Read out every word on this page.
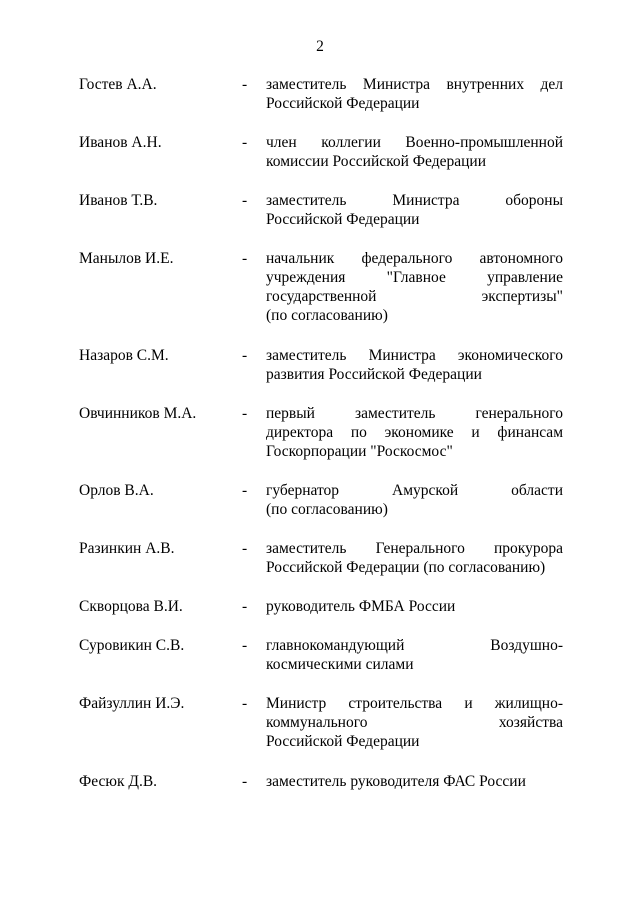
2
Гостев А.А.	-	заместитель Министра внутренних дел
Российской Федерации
Иванов А.Н.	-	член коллегии Военно-промышленной
комиссии Российской Федерации
Иванов Т.В.	-	заместитель Министра обороны
Российской Федерации
Манылов И.Е.	-	начальник федерального автономного
учреждения "Главное управление
государственной экспертизы"
(по согласованию)
Назаров С.М.	-	заместитель Министра экономического
развития Российской Федерации
Овчинников М.А.	-	первый заместитель генерального
директора по экономике и финансам
Госкорпорации "Роскосмос"
Орлов В.А.	-	губернатор Амурской области
(по согласованию)
Разинкин А.В.	-	заместитель Генерального прокурора
Российской Федерации (по согласованию)
Скворцова В.И.	-	руководитель ФМБА России
Суровикин С.В.	-	главнокомандующий Воздушно-
космическими силами
Файзуллин И.Э.	-	Министр строительства и жилищно-
коммунального хозяйства
Российской Федерации
Фесюк Д.В.	-	заместитель руководителя ФАС России
